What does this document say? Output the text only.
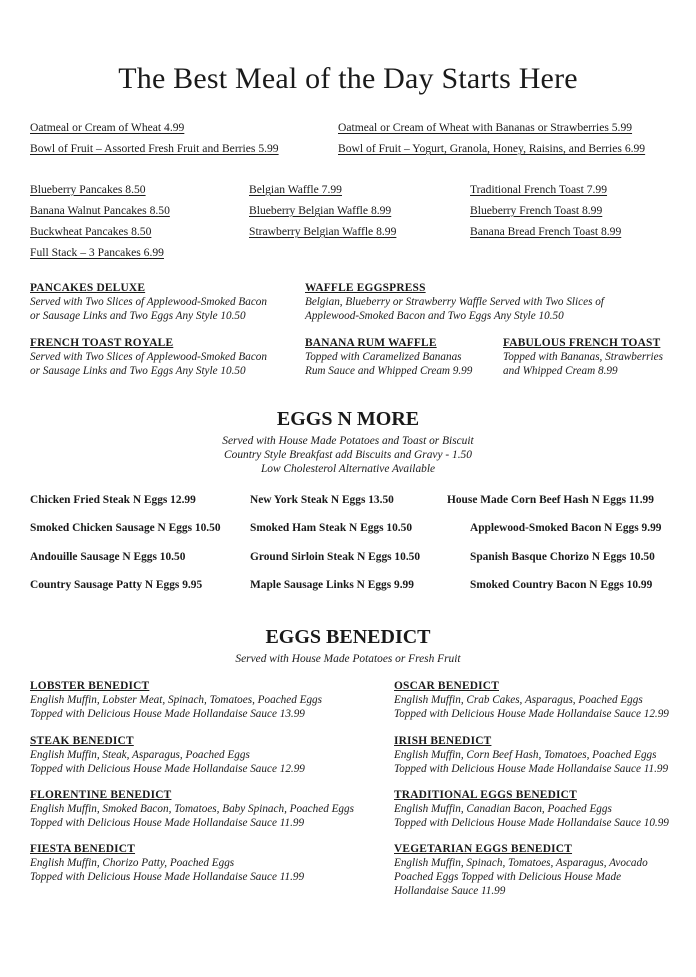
The Best Meal of the Day Starts Here
Oatmeal or Cream of Wheat 4.99
Bowl of Fruit – Assorted Fresh Fruit and Berries 5.99
Oatmeal or Cream of Wheat with Bananas or Strawberries 5.99
Bowl of Fruit – Yogurt, Granola, Honey, Raisins, and Berries 6.99
Blueberry Pancakes 8.50
Banana Walnut Pancakes 8.50
Buckwheat Pancakes 8.50
Full Stack – 3 Pancakes 6.99
Belgian Waffle 7.99
Blueberry Belgian Waffle 8.99
Strawberry Belgian Waffle 8.99
Traditional French Toast 7.99
Blueberry French Toast 8.99
Banana Bread French Toast 8.99
PANCAKES DELUXE
Served with Two Slices of Applewood-Smoked Bacon
or Sausage Links and Two Eggs Any Style 10.50
WAFFLE EGGSPRESS
Belgian, Blueberry or Strawberry Waffle Served with Two Slices of
Applewood-Smoked Bacon and Two Eggs Any Style 10.50
FRENCH TOAST ROYALE
Served with Two Slices of Applewood-Smoked Bacon
or Sausage Links and Two Eggs Any Style 10.50
BANANA RUM WAFFLE
Topped with Caramelized Bananas
Rum Sauce and Whipped Cream 9.99
FABULOUS FRENCH TOAST
Topped with Bananas, Strawberries
and Whipped Cream 8.99
EGGS N MORE
Served with House Made Potatoes and Toast or Biscuit
Country Style Breakfast add Biscuits and Gravy - 1.50
Low Cholesterol Alternative Available
Chicken Fried Steak N Eggs 12.99
Smoked Chicken Sausage N Eggs 10.50
Andouille Sausage N Eggs 10.50
Country Sausage Patty N Eggs 9.95
New York Steak N Eggs 13.50
Smoked Ham Steak N Eggs 10.50
Ground Sirloin Steak N Eggs 10.50
Maple Sausage Links N Eggs 9.99
House Made Corn Beef Hash N Eggs 11.99
Applewood-Smoked Bacon N Eggs 9.99
Spanish Basque Chorizo N Eggs 10.50
Smoked Country Bacon N Eggs 10.99
EGGS BENEDICT
Served with House Made Potatoes or Fresh Fruit
LOBSTER BENEDICT
English Muffin, Lobster Meat, Spinach, Tomatoes, Poached Eggs
Topped with Delicious House Made Hollandaise Sauce 13.99
STEAK BENEDICT
English Muffin, Steak, Asparagus, Poached Eggs
Topped with Delicious House Made Hollandaise Sauce 12.99
FLORENTINE BENEDICT
English Muffin, Smoked Bacon, Tomatoes, Baby Spinach, Poached Eggs
Topped with Delicious House Made Hollandaise Sauce 11.99
FIESTA BENEDICT
English Muffin, Chorizo Patty, Poached Eggs
Topped with Delicious House Made Hollandaise Sauce 11.99
OSCAR BENEDICT
English Muffin, Crab Cakes, Asparagus, Poached Eggs
Topped with Delicious House Made Hollandaise Sauce 12.99
IRISH BENEDICT
English Muffin, Corn Beef Hash, Tomatoes, Poached Eggs
Topped with Delicious House Made Hollandaise Sauce 11.99
TRADITIONAL EGGS BENEDICT
English Muffin, Canadian Bacon, Poached Eggs
Topped with Delicious House Made Hollandaise Sauce 10.99
VEGETARIAN EGGS BENEDICT
English Muffin, Spinach, Tomatoes, Asparagus, Avocado
Poached Eggs Topped with Delicious House Made
Hollandaise Sauce 11.99
